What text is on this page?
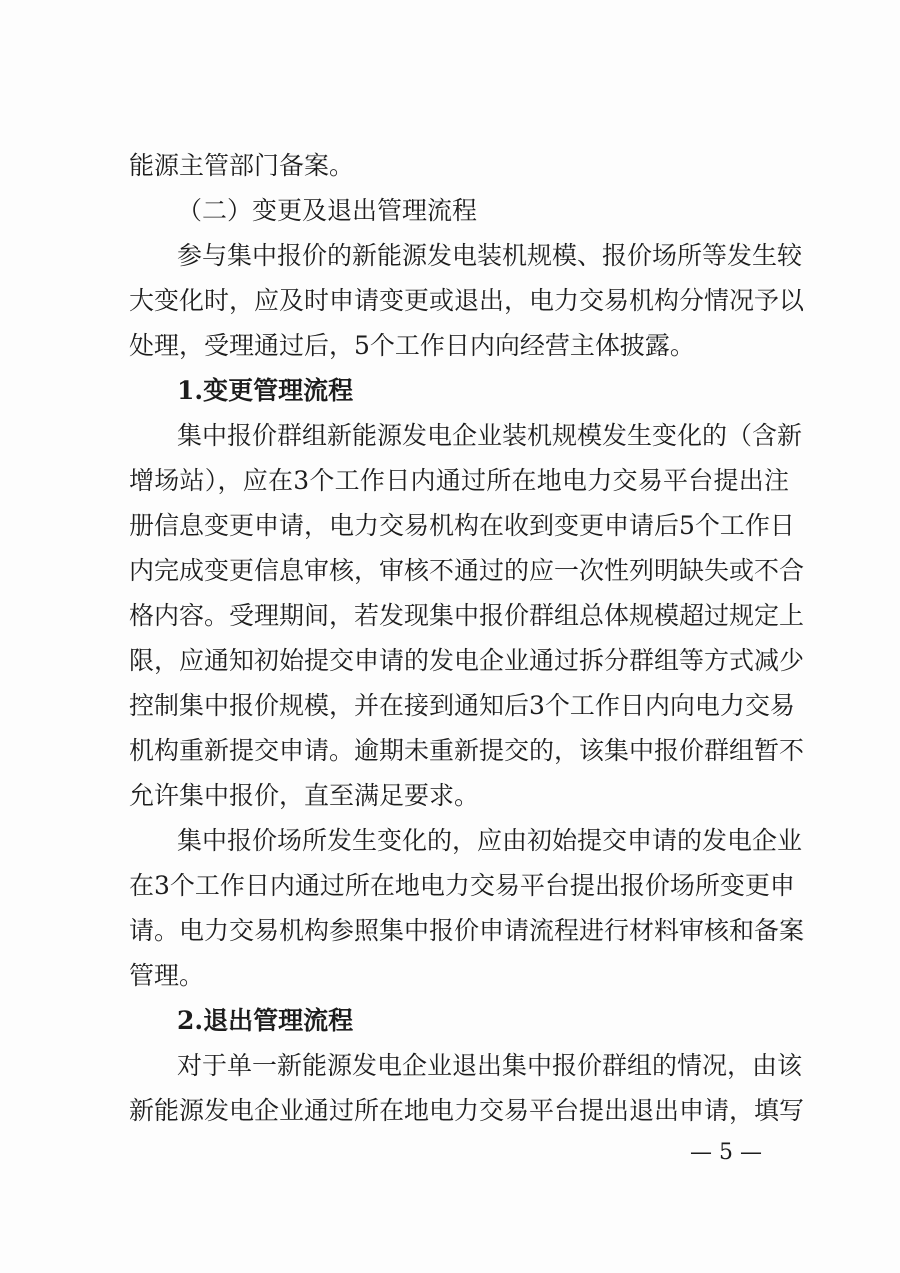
能源主管部门备案。
（二）变更及退出管理流程
参与集中报价的新能源发电装机规模、报价场所等发生较
大变化时，应及时申请变更或退出，电力交易机构分情况予以
处理，受理通过后，5个工作日内向经营主体披露。
1.变更管理流程
集中报价群组新能源发电企业装机规模发生变化的（含新
增场站），应在3个工作日内通过所在地电力交易平台提出注
册信息变更申请，电力交易机构在收到变更申请后5个工作日
内完成变更信息审核，审核不通过的应一次性列明缺失或不合
格内容。受理期间，若发现集中报价群组总体规模超过规定上
限，应通知初始提交申请的发电企业通过拆分群组等方式减少
控制集中报价规模，并在接到通知后3个工作日内向电力交易
机构重新提交申请。逾期未重新提交的，该集中报价群组暂不
允许集中报价，直至满足要求。
集中报价场所发生变化的，应由初始提交申请的发电企业
在3个工作日内通过所在地电力交易平台提出报价场所变更申
请。电力交易机构参照集中报价申请流程进行材料审核和备案
管理。
2.退出管理流程
对于单一新能源发电企业退出集中报价群组的情况，由该
新能源发电企业通过所在地电力交易平台提出退出申请，填写
— 5 —
